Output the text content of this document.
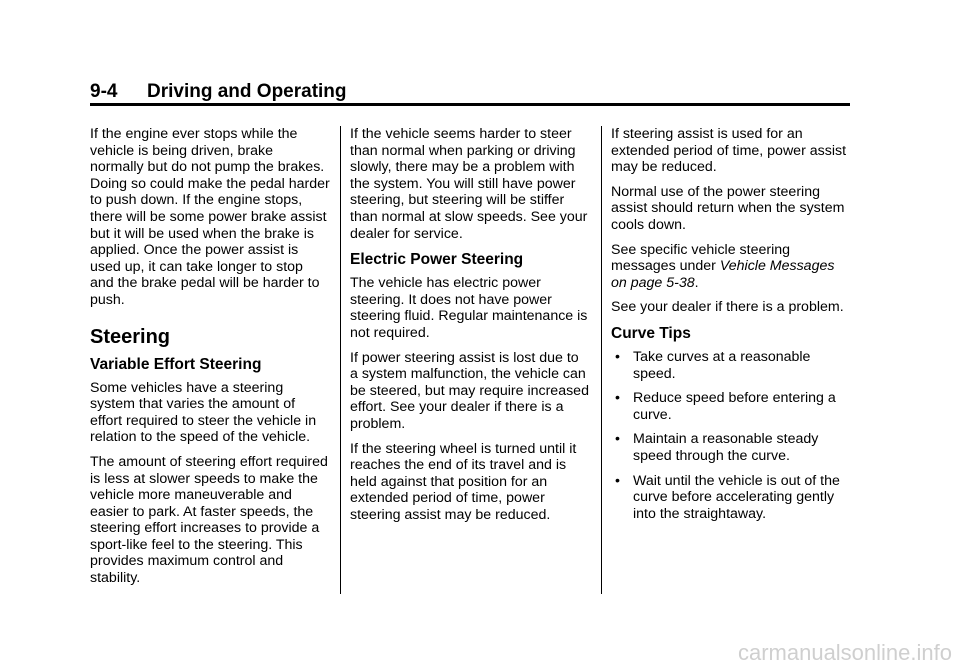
9-4 Driving and Operating

If the engine ever stops while the vehicle is being driven, brake normally but do not pump the brakes. Doing so could make the pedal harder to push down. If the engine stops, there will be some power brake assist but it will be used when the brake is applied. Once the power assist is used up, it can take longer to stop and the brake pedal will be harder to push.

Steering
Variable Effort Steering

Some vehicles have a steering system that varies the amount of effort required to steer the vehicle in relation to the speed of the vehicle.

The amount of steering effort required is less at slower speeds to make the vehicle more maneuverable and easier to park. At faster speeds, the steering effort increases to provide a sport-like feel to the steering. This provides maximum control and stability.

If the vehicle seems harder to steer than normal when parking or driving slowly, there may be a problem with the system. You will still have power steering, but steering will be stiffer than normal at slow speeds. See your dealer for service.

Electric Power Steering

The vehicle has electric power steering. It does not have power steering fluid. Regular maintenance is not required.

If power steering assist is lost due to a system malfunction, the vehicle can be steered, but may require increased effort. See your dealer if there is a problem.

If the steering wheel is turned until it reaches the end of its travel and is held against that position for an extended period of time, power steering assist may be reduced.

If steering assist is used for an extended period of time, power assist may be reduced.

Normal use of the power steering assist should return when the system cools down.

See specific vehicle steering messages under Vehicle Messages on page 5-38.

See your dealer if there is a problem.

Curve Tips
• Take curves at a reasonable speed.
• Reduce speed before entering a curve.
• Maintain a reasonable steady speed through the curve.
• Wait until the vehicle is out of the curve before accelerating gently into the straightaway.
carmanualsonline.info
